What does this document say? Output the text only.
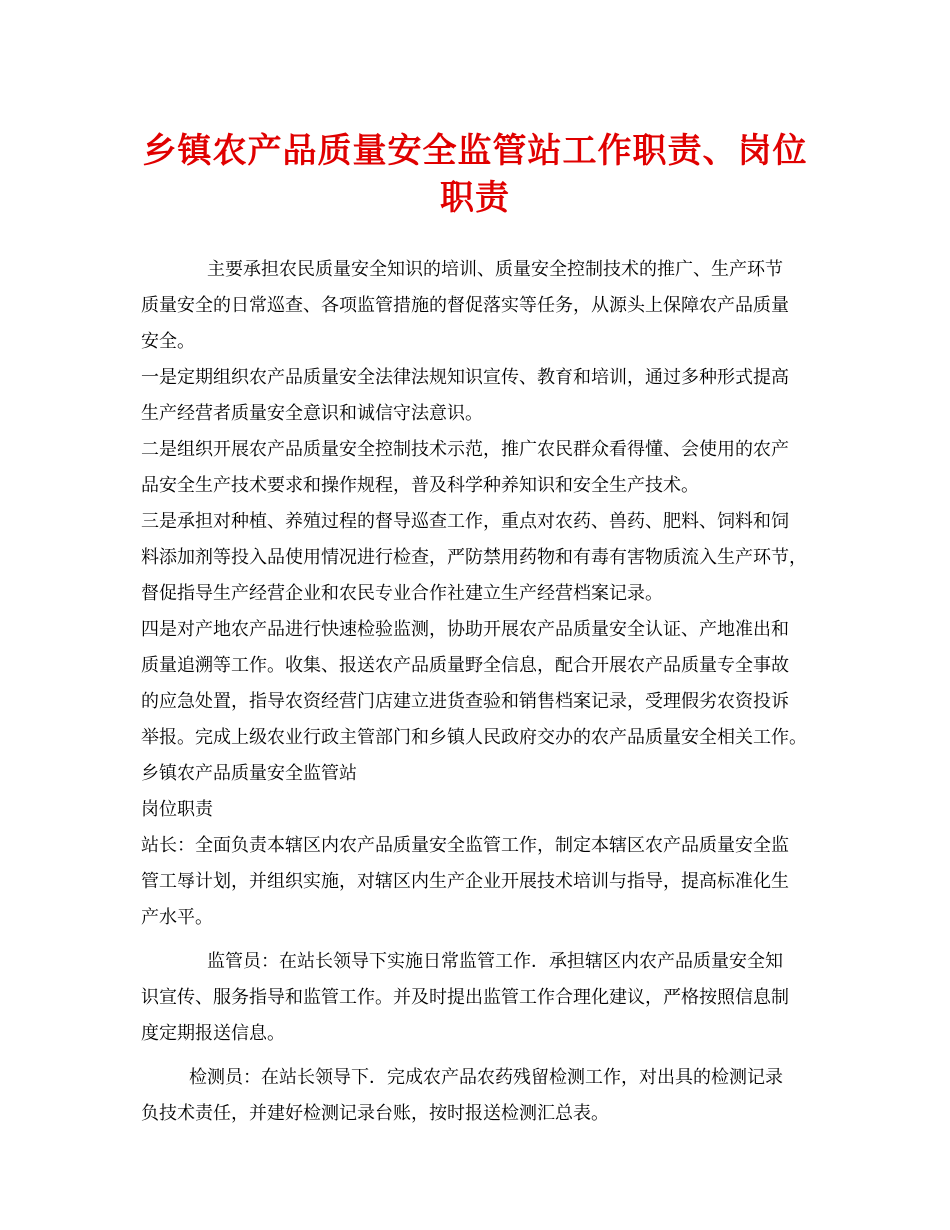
乡镇农产品质量安全监管站工作职责、岗位
职责

主要承担农民质量安全知识的培训、质量安全控制技术的推广、生产环节

质量安全的日常巡查、各项监管措施的督促落实等任务，从源头上保障农产品质量

安全。

一是定期组织农产品质量安全法律法规知识宣传、教育和培训，通过多种形式提高

生产经营者质量安全意识和诚信守法意识。

二是组织开展农产品质量安全控制技术示范，推广农民群众看得懂、会使用的农产

品安全生产技术要求和操作规程，普及科学种养知识和安全生产技术。

三是承担对种植、养殖过程的督导巡查工作，重点对农药、兽药、肥料、饲料和饲

料添加剂等投入品使用情况进行检查，严防禁用药物和有毒有害物质流入生产环节，

督促指导生产经营企业和农民专业合作社建立生产经营档案记录。

四是对产地农产品进行快速检验监测，协助开展农产品质量安全认证、产地准出和

质量追溯等工作。收集、报送农产品质量野全信息，配合开展农产品质量专全事故

的应急处置，指导农资经营门店建立进货查验和销售档案记录，受理假劣农资投诉

举报。完成上级农业行政主管部门和乡镇人民政府交办的农产品质量安全相关工作。

乡镇农产品质量安全监管站

岗位职责

站长：全面负责本辖区内农产品质量安全监管工作，制定本辖区农产品质量安全监

管工辱计划，并组织实施，对辖区内生产企业开展技术培训与指导，提高标准化生

产水平。

监管员：在站长领导下实施日常监管工作．承担辖区内农产品质量安全知

识宣传、服务指导和监管工作。并及时提出监管工作合理化建议，严格按照信息制

度定期报送信息。

检测员：在站长领导下．完成农产品农药残留检测工作，对出具的检测记录

负技术责任，并建好检测记录台账，按时报送检测汇总表。
